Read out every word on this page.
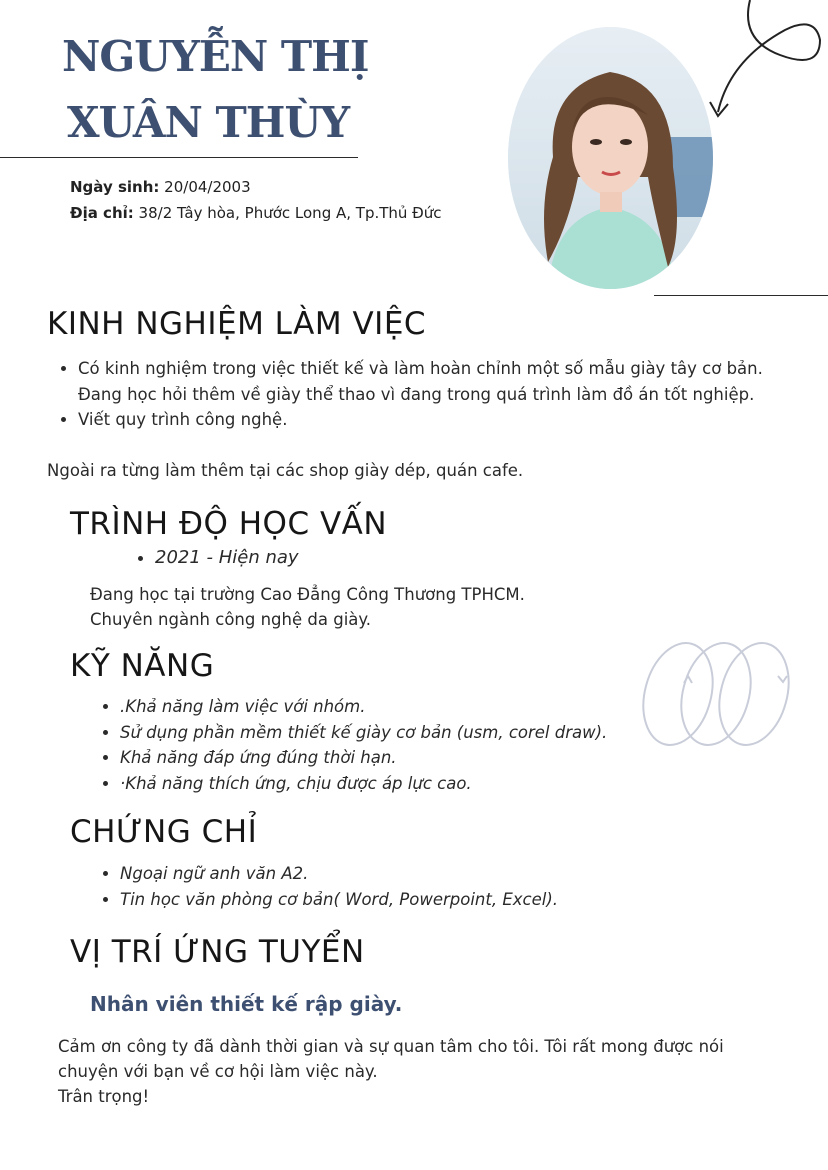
NGUYỄN THỊ
XUÂN THÙY
Ngày sinh: 20/04/2003
Địa chỉ: 38/2 Tây hòa, Phước Long A, Tp.Thủ Đức
KINH NGHIỆM LÀM VIỆC
• Có kinh nghiệm trong việc thiết kế và làm hoàn chỉnh một số mẫu giày tây cơ bản. Đang học hỏi thêm về giày thể thao vì đang trong quá trình làm đồ án tốt nghiệp.
• Viết quy trình công nghệ.
Ngoài ra từng làm thêm tại các shop giày dép, quán cafe.
TRÌNH ĐỘ HỌC VẤN
• 2021 - Hiện nay
Đang học tại trường Cao Đẳng Công Thương TPHCM.
Chuyên ngành công nghệ da giày.
KỸ NĂNG
• .Khả năng làm việc với nhóm.
• Sử dụng phần mềm thiết kế giày cơ bản (usm, corel draw).
• Khả năng đáp ứng đúng thời hạn.
• ·Khả năng thích ứng, chịu được áp lực cao.
CHỨNG CHỈ
• Ngoại ngữ anh văn A2.
• Tin học văn phòng cơ bản( Word, Powerpoint, Excel).
VỊ TRÍ ỨNG TUYỂN
Nhân viên thiết kế rập giày.
Cảm ơn công ty đã dành thời gian và sự quan tâm cho tôi. Tôi rất mong được nói
chuyện với bạn về cơ hội làm việc này.
Trân trọng!
